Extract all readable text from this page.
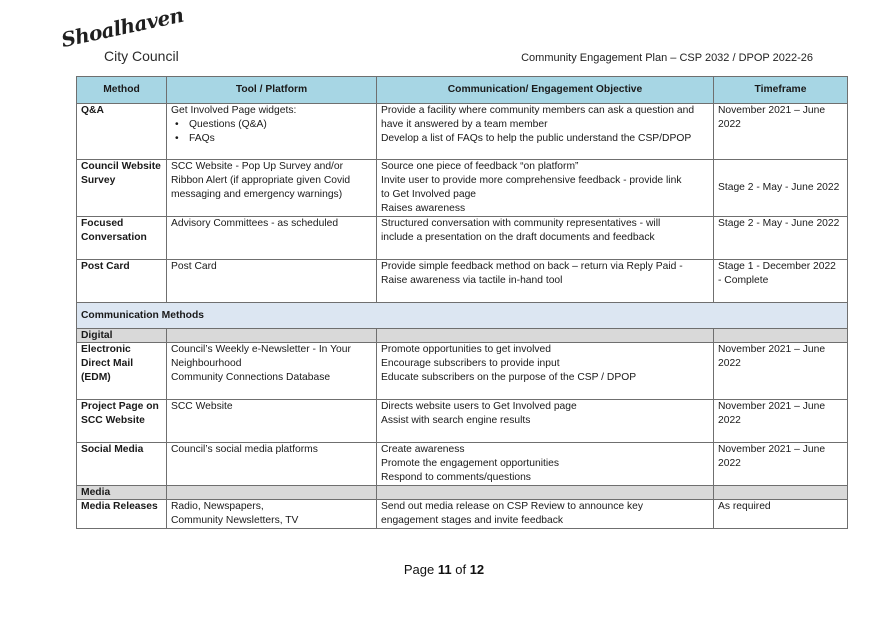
Shoalhaven
City Council	Community Engagement Plan – CSP 2032 / DPOP 2022-26
Method	Tool / Platform	Communication/ Engagement Objective	Timeframe

Q&A	Get Involved Page widgets:
• Questions (Q&A)
• FAQs	Provide a facility where community members can ask a question and
have it answered by a team member
Develop a list of FAQs to help the public understand the CSP/DPOP	November 2021 – June
2022

Council Website
Survey	SCC Website - Pop Up Survey and/or
Ribbon Alert (if appropriate given Covid
messaging and emergency warnings)	Source one piece of feedback “on platform”
Invite user to provide more comprehensive feedback - provide link
to Get Involved page
Raises awareness	Stage 2 - May - June 2022

Focused
Conversation	Advisory Committees - as scheduled	Structured conversation with community representatives - will
include a presentation on the draft documents and feedback	Stage 2 - May - June 2022

Post Card	Post Card	Provide simple feedback method on back – return via Reply Paid -
Raise awareness via tactile in-hand tool	Stage 1 - December 2022
- Complete

Communication Methods			
Digital			

Electronic
Direct Mail
(EDM)	Council’s Weekly e-Newsletter - In Your
Neighbourhood
Community Connections Database	Promote opportunities to get involved
Encourage subscribers to provide input
Educate subscribers on the purpose of the CSP / DPOP	November 2021 – June
2022

Project Page on
SCC Website	SCC Website	Directs website users to Get Involved page
Assist with search engine results	November 2021 – June
2022

Social Media	Council’s social media platforms	Create awareness
Promote the engagement opportunities
Respond to comments/questions	November 2021 – June
2022

Media			

Media Releases	Radio, Newspapers,
Community Newsletters, TV	Send out media release on CSP Review to announce key
engagement stages and invite feedback	As required
Page 11 of 12
